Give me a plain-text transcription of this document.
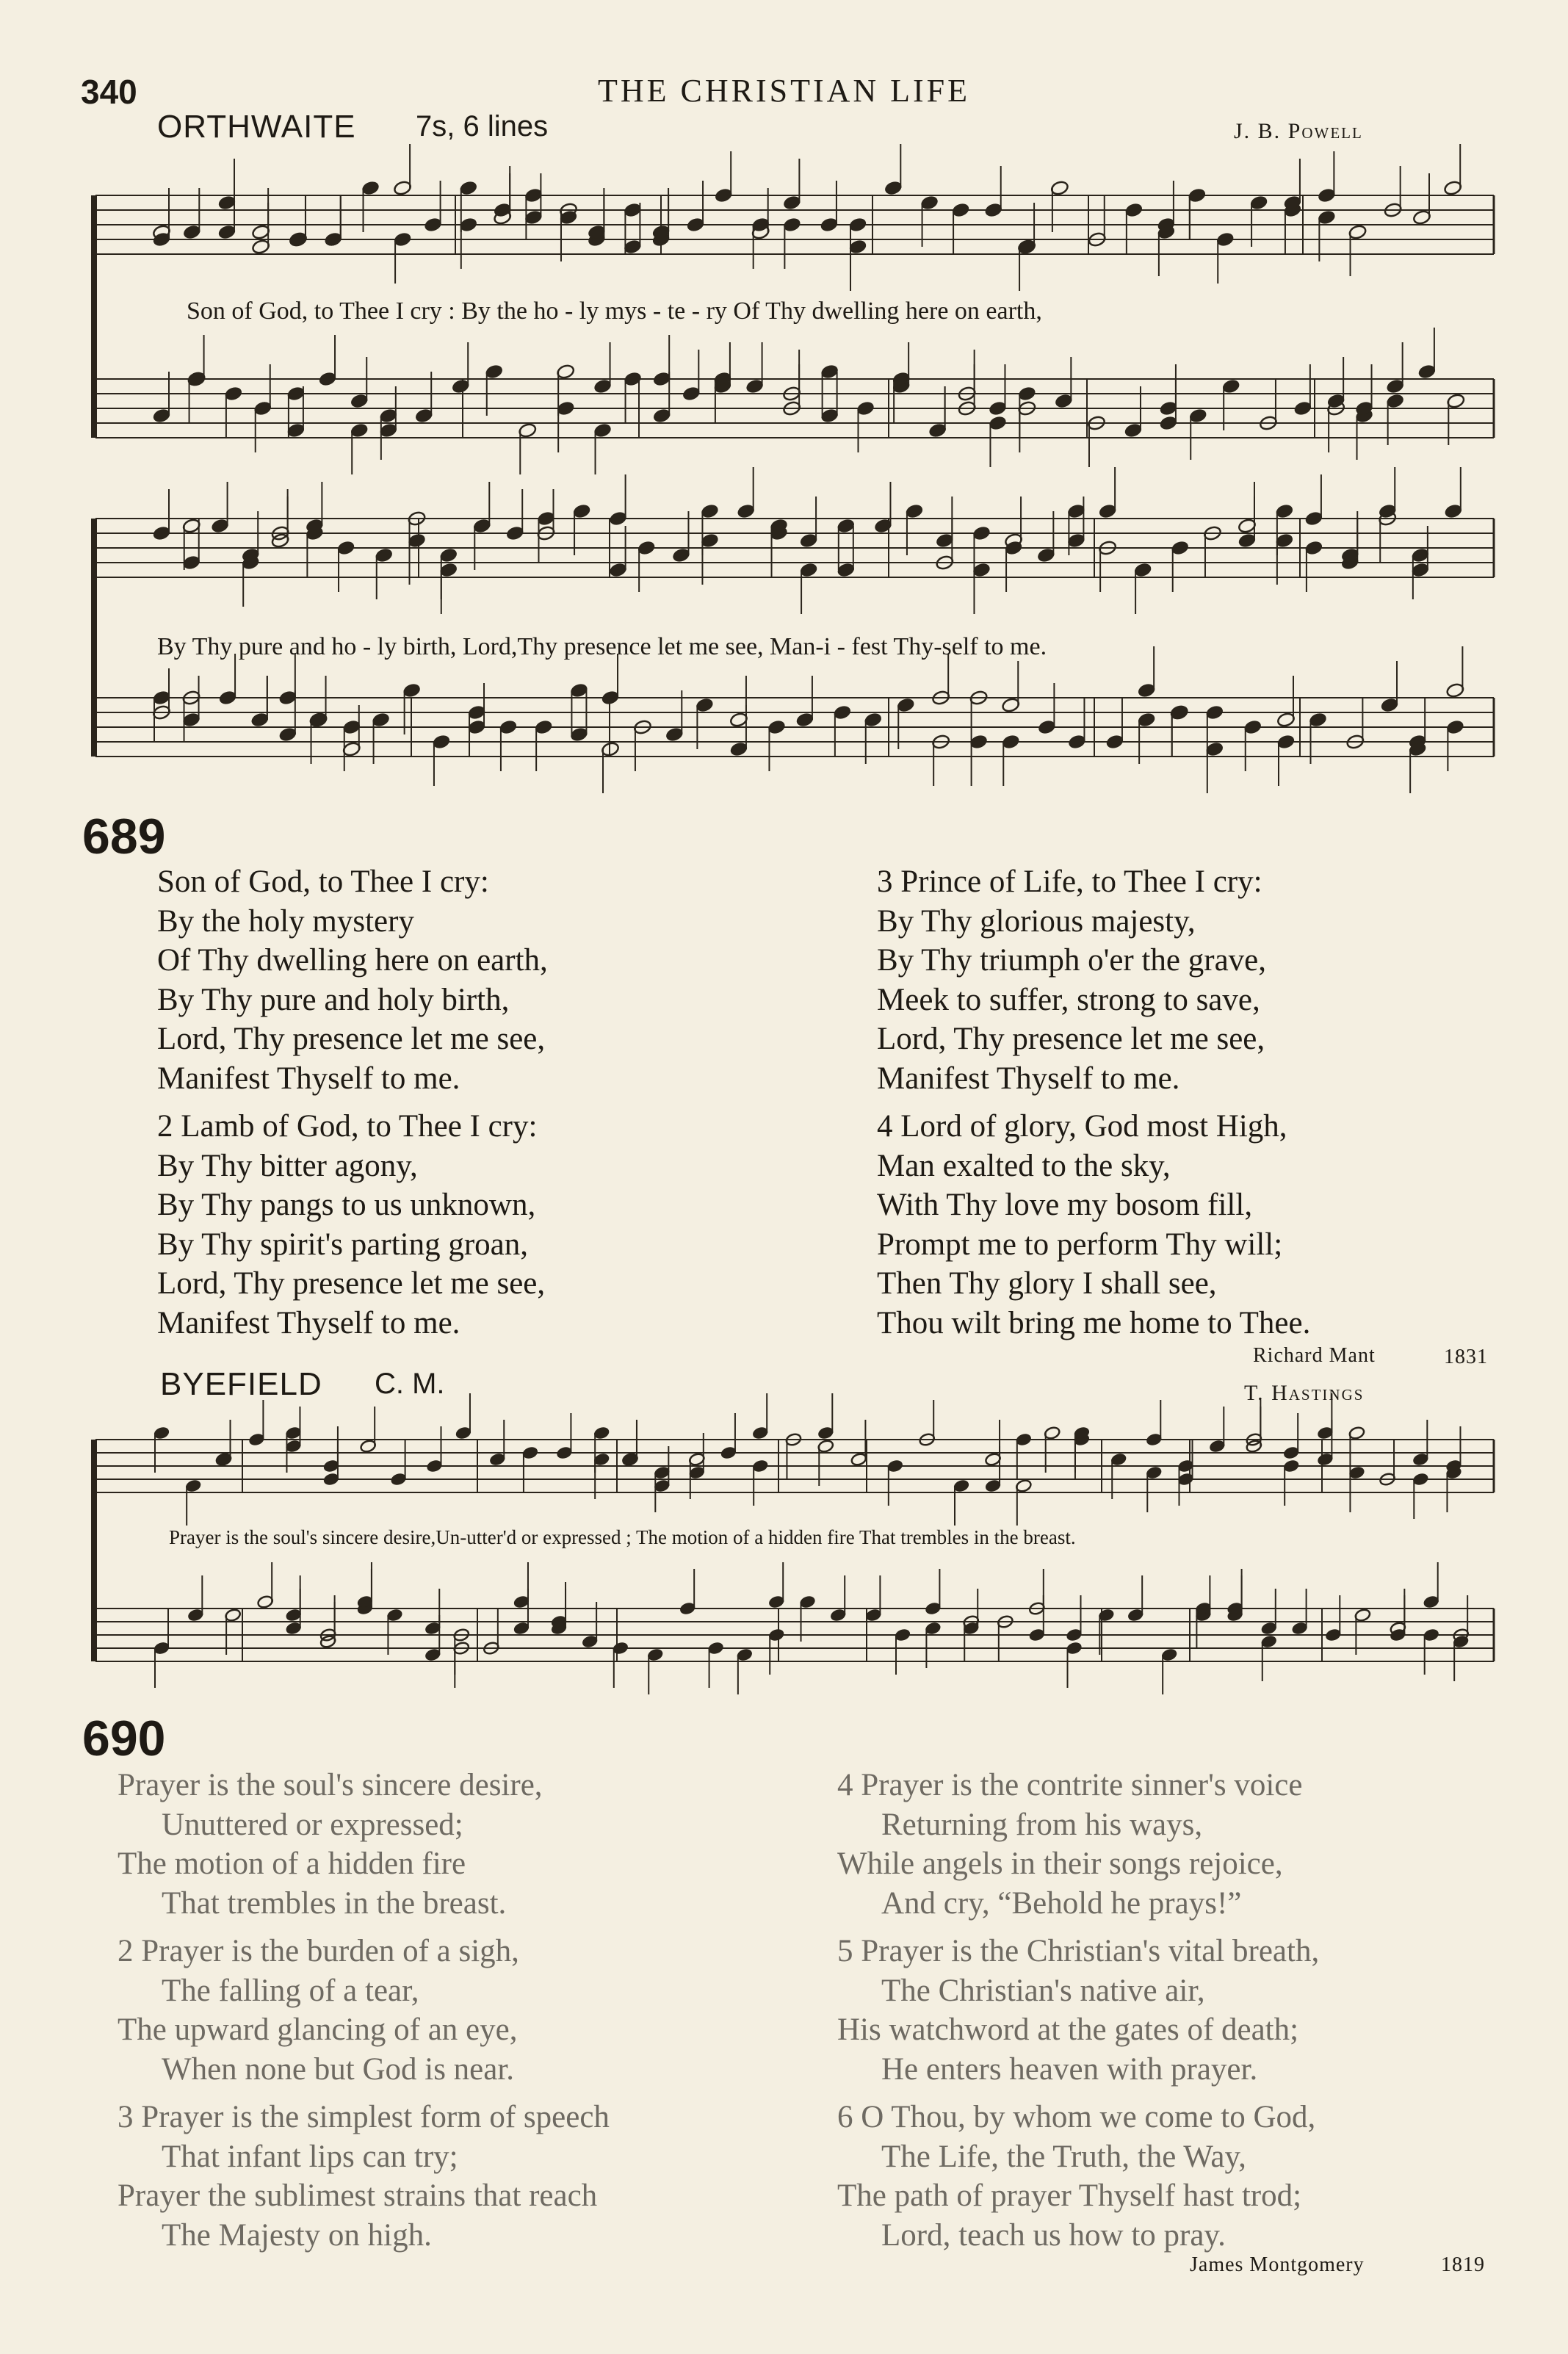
340	THE CHRISTIAN LIFE
ORTHWAITE 7s, 6 lines	J. B. Powell
Son of God, to Thee I cry : By the ho - ly mys - te - ry Of Thy dwelling here on earth,
By Thy pure and ho - ly birth, Lord,Thy presence let me see, Man-i - fest Thy-self to me.
689
Son of God, to Thee I cry:
By the holy mystery
Of Thy dwelling here on earth,
By Thy pure and holy birth,
Lord, Thy presence let me see,
Manifest Thyself to me.
2 Lamb of God, to Thee I cry:
By Thy bitter agony,
By Thy pangs to us unknown,
By Thy spirit's parting groan,
Lord, Thy presence let me see,
Manifest Thyself to me.
3 Prince of Life, to Thee I cry:
By Thy glorious majesty,
By Thy triumph o'er the grave,
Meek to suffer, strong to save,
Lord, Thy presence let me see,
Manifest Thyself to me.
4 Lord of glory, God most High,
Man exalted to the sky,
With Thy love my bosom fill,
Prompt me to perform Thy will;
Then Thy glory I shall see,
Thou wilt bring me home to Thee.
Richard Mant	1831
BYEFIELD C. M.	T. Hastings
Prayer is the soul's sincere desire,Un-utter'd or expressed ; The motion of a hidden fire That trembles in the breast.
690
Prayer is the soul's sincere desire,
Unuttered or expressed;
The motion of a hidden fire
That trembles in the breast.
2 Prayer is the burden of a sigh,
The falling of a tear,
The upward glancing of an eye,
When none but God is near.
3 Prayer is the simplest form of speech
That infant lips can try;
Prayer the sublimest strains that reach
The Majesty on high.
4 Prayer is the contrite sinner's voice
Returning from his ways,
While angels in their songs rejoice,
And cry, “Behold he prays!”
5 Prayer is the Christian's vital breath,
The Christian's native air,
His watchword at the gates of death;
He enters heaven with prayer.
6 O Thou, by whom we come to God,
The Life, the Truth, the Way,
The path of prayer Thyself hast trod;
Lord, teach us how to pray.
James Montgomery	1819
